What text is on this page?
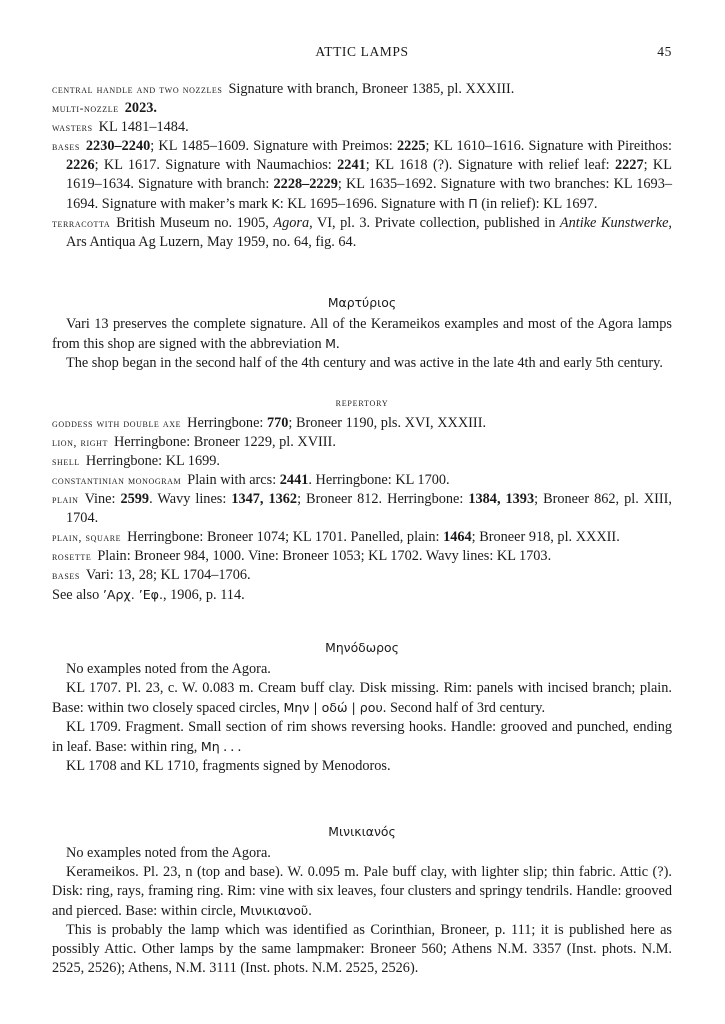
ATTIC LAMPS	45

central handle and two nozzles Signature with branch, Broneer 1385, pl. XXXIII.

multi-nozzle 2023.

wasters KL 1481–1484.

bases 2230–2240; KL 1485–1609. Signature with Preimos: 2225; KL 1610–1616. Signature with Pireithos: 2226; KL 1617. Signature with Naumachios: 2241; KL 1618 (?). Signature with relief leaf: 2227; KL 1619–1634. Signature with branch: 2228–2229; KL 1635–1692. Signature with two branches: KL 1693–1694. Signature with maker’s mark K: KL 1695–1696. Signature with Π (in relief): KL 1697.

terracotta British Museum no. 1905, Agora, VI, pl. 3. Private collection, published in Antike Kunstwerke, Ars Antiqua Ag Luzern, May 1959, no. 64, fig. 64.

Μαρτύριος

Vari 13 preserves the complete signature. All of the Kerameikos examples and most of the Agora lamps from this shop are signed with the abbreviation M.

The shop began in the second half of the 4th century and was active in the late 4th and early 5th century.

repertory

goddess with double axe Herringbone: 770; Broneer 1190, pls. XVI, XXXIII.

lion, right Herringbone: Broneer 1229, pl. XVIII.

shell Herringbone: KL 1699.

constantinian monogram Plain with arcs: 2441. Herringbone: KL 1700.

plain Vine: 2599. Wavy lines: 1347, 1362; Broneer 812. Herringbone: 1384, 1393; Broneer 862, pl. XIII, 1704.

plain, square Herringbone: Broneer 1074; KL 1701. Panelled, plain: 1464; Broneer 918, pl. XXXII.

rosette Plain: Broneer 984, 1000. Vine: Broneer 1053; KL 1702. Wavy lines: KL 1703.

bases Vari: 13, 28; KL 1704–1706.

See also ’Αρχ. ’Εφ., 1906, p. 114.

Μηνόδωρος

No examples noted from the Agora.

KL 1707. Pl. 23, c. W. 0.083 m. Cream buff clay. Disk missing. Rim: panels with incised branch; plain. Base: within two closely spaced circles, Μην | οδώ | ρου. Second half of 3rd century.

KL 1709. Fragment. Small section of rim shows reversing hooks. Handle: grooved and punched, ending in leaf. Base: within ring, Μη . . .

KL 1708 and KL 1710, fragments signed by Menodoros.

Μινικιανός

No examples noted from the Agora.

Kerameikos. Pl. 23, n (top and base). W. 0.095 m. Pale buff clay, with lighter slip; thin fabric. Attic (?). Disk: ring, rays, framing ring. Rim: vine with six leaves, four clusters and springy tendrils. Handle: grooved and pierced. Base: within circle, Μινικιανοῦ.

This is probably the lamp which was identified as Corinthian, Broneer, p. 111; it is published here as possibly Attic. Other lamps by the same lampmaker: Broneer 560; Athens N.M. 3357 (Inst. phots. N.M. 2525, 2526); Athens, N.M. 3111 (Inst. phots. N.M. 2525, 2526).
